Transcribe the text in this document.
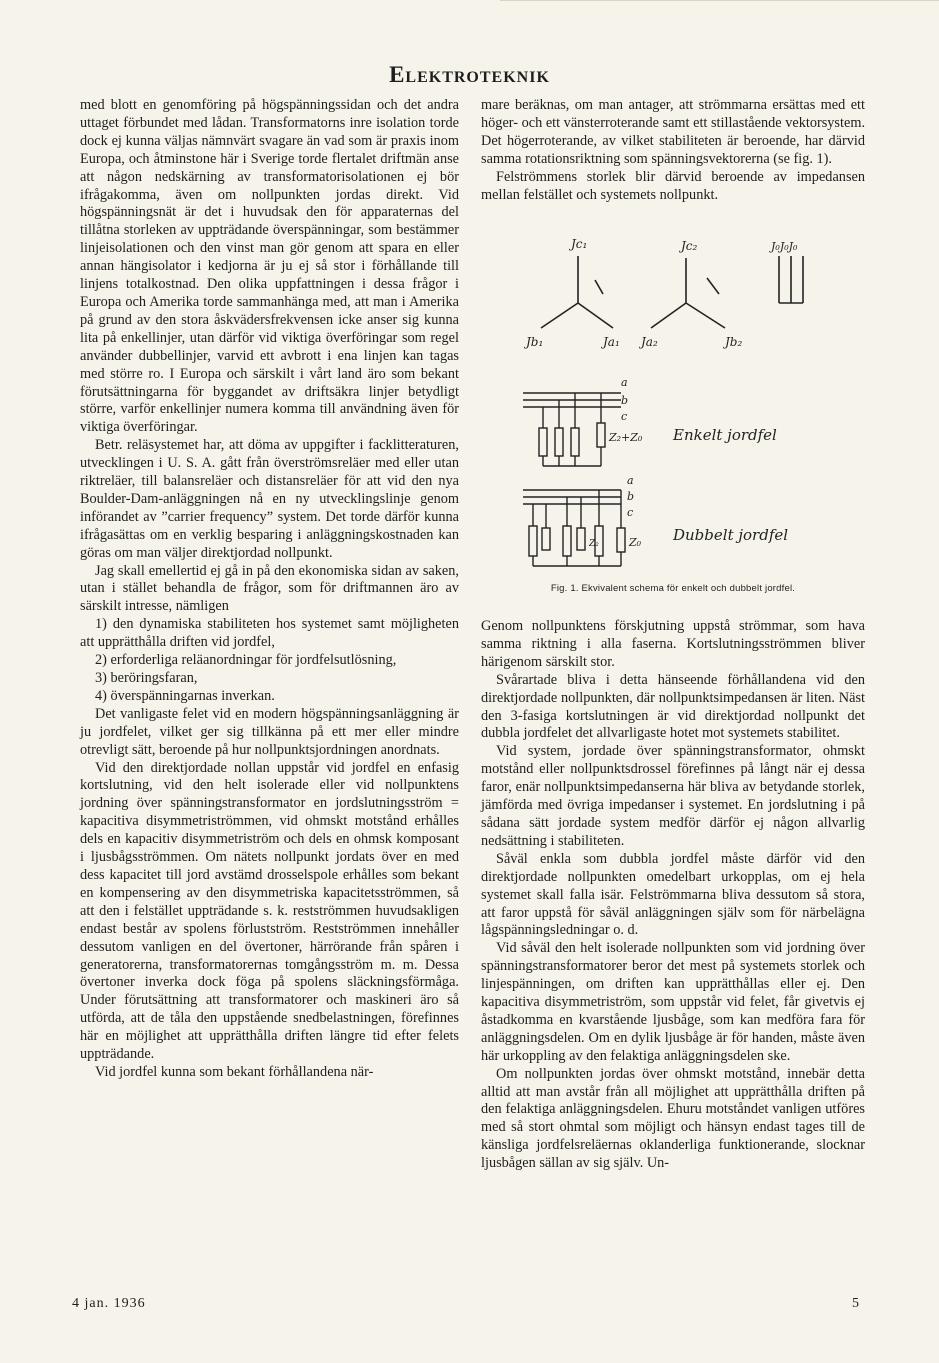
Elektroteknik

med blott en genomföring på högspänningssidan och det andra uttaget förbundet med lådan. Transformatorns inre isolation torde dock ej kunna väljas nämnvärt svagare än vad som är praxis inom Europa, och åtminstone här i Sverige torde flertalet driftmän anse att någon nedskärning av transformatorisolationen ej bör ifrågakomma, även om nollpunkten jordas direkt. Vid högspänningsnät är det i huvudsak den för apparaternas del tillåtna storleken av uppträdande överspänningar, som bestämmer linjeisolationen och den vinst man gör genom att spara en eller annan hängisolator i kedjorna är ju ej så stor i förhållande till linjens totalkostnad. Den olika uppfattningen i dessa frågor i Europa och Amerika torde sammanhänga med, att man i Amerika på grund av den stora åskvädersfrekvensen icke anser sig kunna lita på enkellinjer, utan därför vid viktiga överföringar som regel använder dubbellinjer, varvid ett avbrott i ena linjen kan tagas med större ro. I Europa och särskilt i vårt land äro som bekant förutsättningarna för byggandet av driftsäkra linjer betydligt större, varför enkellinjer numera komma till användning även för viktiga överföringar.

Betr. reläsystemet har, att döma av uppgifter i facklitteraturen, utvecklingen i U. S. A. gått från överströmsreläer med eller utan riktreläer, till balansreläer och distansreläer för att vid den nya Boulder-Dam-anläggningen nå en ny utvecklingslinje genom införandet av ”carrier frequency” system. Det torde därför kunna ifrågasättas om en verklig besparing i anläggningskostnaden kan göras om man väljer direktjordad nollpunkt.

Jag skall emellertid ej gå in på den ekonomiska sidan av saken, utan i stället behandla de frågor, som för driftmannen äro av särskilt intresse, nämligen

1) den dynamiska stabiliteten hos systemet samt möjligheten att upprätthålla driften vid jordfel,

2) erforderliga reläanordningar för jordfelsutlösning,

3) beröringsfaran,

4) överspänningarnas inverkan.

Det vanligaste felet vid en modern högspänningsanläggning är ju jordfelet, vilket ger sig tillkänna på ett mer eller mindre otrevligt sätt, beroende på hur nollpunktsjordningen anordnats.

Vid den direktjordade nollan uppstår vid jordfel en enfasig kortslutning, vid den helt isolerade eller vid nollpunktens jordning över spänningstransformator en jordslutningsström = kapacitiva disymmetriströmmen, vid ohmskt motstånd erhålles dels en kapacitiv disymmetriström och dels en ohmsk komposant i ljusbågsströmmen. Om nätets nollpunkt jordats över en med dess kapacitet till jord avstämd drosselspole erhålles som bekant en kompensering av den disymmetriska kapacitetsströmmen, så att den i felstället uppträdande s. k. restströmmen huvudsakligen endast består av spolens förlustström. Restströmmen innehåller dessutom vanligen en del övertoner, härrörande från spåren i generatorerna, transformatorernas tomgångsström m. m. Dessa övertoner inverka dock föga på spolens släckningsförmåga. Under förutsättning att transformatorer och maskineri äro så utförda, att de tåla den uppstående snedbelastningen, förefinnes här en möjlighet att upprätthålla driften längre tid efter felets uppträdande.

Vid jordfel kunna som bekant förhållandena när-

mare beräknas, om man antager, att strömmarna ersättas med ett höger- och ett vänsterroterande samt ett stillastående vektorsystem. Det högerroterande, av vilket stabiliteten är beroende, har därvid samma rotationsriktning som spänningsvektorerna (se fig. 1).

Felströmmens storlek blir därvid beroende av impedansen mellan felstället och systemets nollpunkt.

Jc₁
Jb₁	Ja₁
Jc₂
Ja₂	Jb₂
J₀J₀J₀
a
b
c
Z₂+Z₀ Enkelt jordfel
a
b
c
Z₂	Z₀ Dubbelt jordfel
Fig. 1. Ekvivalent schema för enkelt och dubbelt jordfel.

Genom nollpunktens förskjutning uppstå strömmar, som hava samma riktning i alla faserna. Kortslutningsströmmen bliver härigenom särskilt stor.

Svårartade bliva i detta hänseende förhållandena vid den direktjordade nollpunkten, där nollpunktsimpedansen är liten. Näst den 3-fasiga kortslutningen är vid direktjordad nollpunkt det dubbla jordfelet det allvarligaste hotet mot systemets stabilitet.

Vid system, jordade över spänningstransformator, ohmskt motstånd eller nollpunktsdrossel förefinnes på långt när ej dessa faror, enär nollpunktsimpedanserna här bliva av betydande storlek, jämförda med övriga impedanser i systemet. En jordslutning i på sådana sätt jordade system medför därför ej någon allvarlig nedsättning i stabiliteten.

Såväl enkla som dubbla jordfel måste därför vid den direktjordade nollpunkten omedelbart urkopplas, om ej hela systemet skall falla isär. Felströmmarna bliva dessutom så stora, att faror uppstå för såväl anläggningen själv som för närbelägna lågspänningsledningar o. d.

Vid såväl den helt isolerade nollpunkten som vid jordning över spänningstransformatorer beror det mest på systemets storlek och linjespänningen, om driften kan upprätthållas eller ej. Den kapacitiva disymmetriström, som uppstår vid felet, får givetvis ej åstadkomma en kvarstående ljusbåge, som kan medföra fara för anläggningsdelen. Om en dylik ljusbåge är för handen, måste även här urkoppling av den felaktiga anläggningsdelen ske.

Om nollpunkten jordas över ohmskt motstånd, innebär detta alltid att man avstår från all möjlighet att upprätthålla driften på den felaktiga anläggningsdelen. Ehuru motståndet vanligen utföres med så stort ohmtal som möjligt och hänsyn endast tages till de känsliga jordfelsreläernas oklanderliga funktionerande, slocknar ljusbågen sällan av sig själv. Un-

4 jan. 1936	5
